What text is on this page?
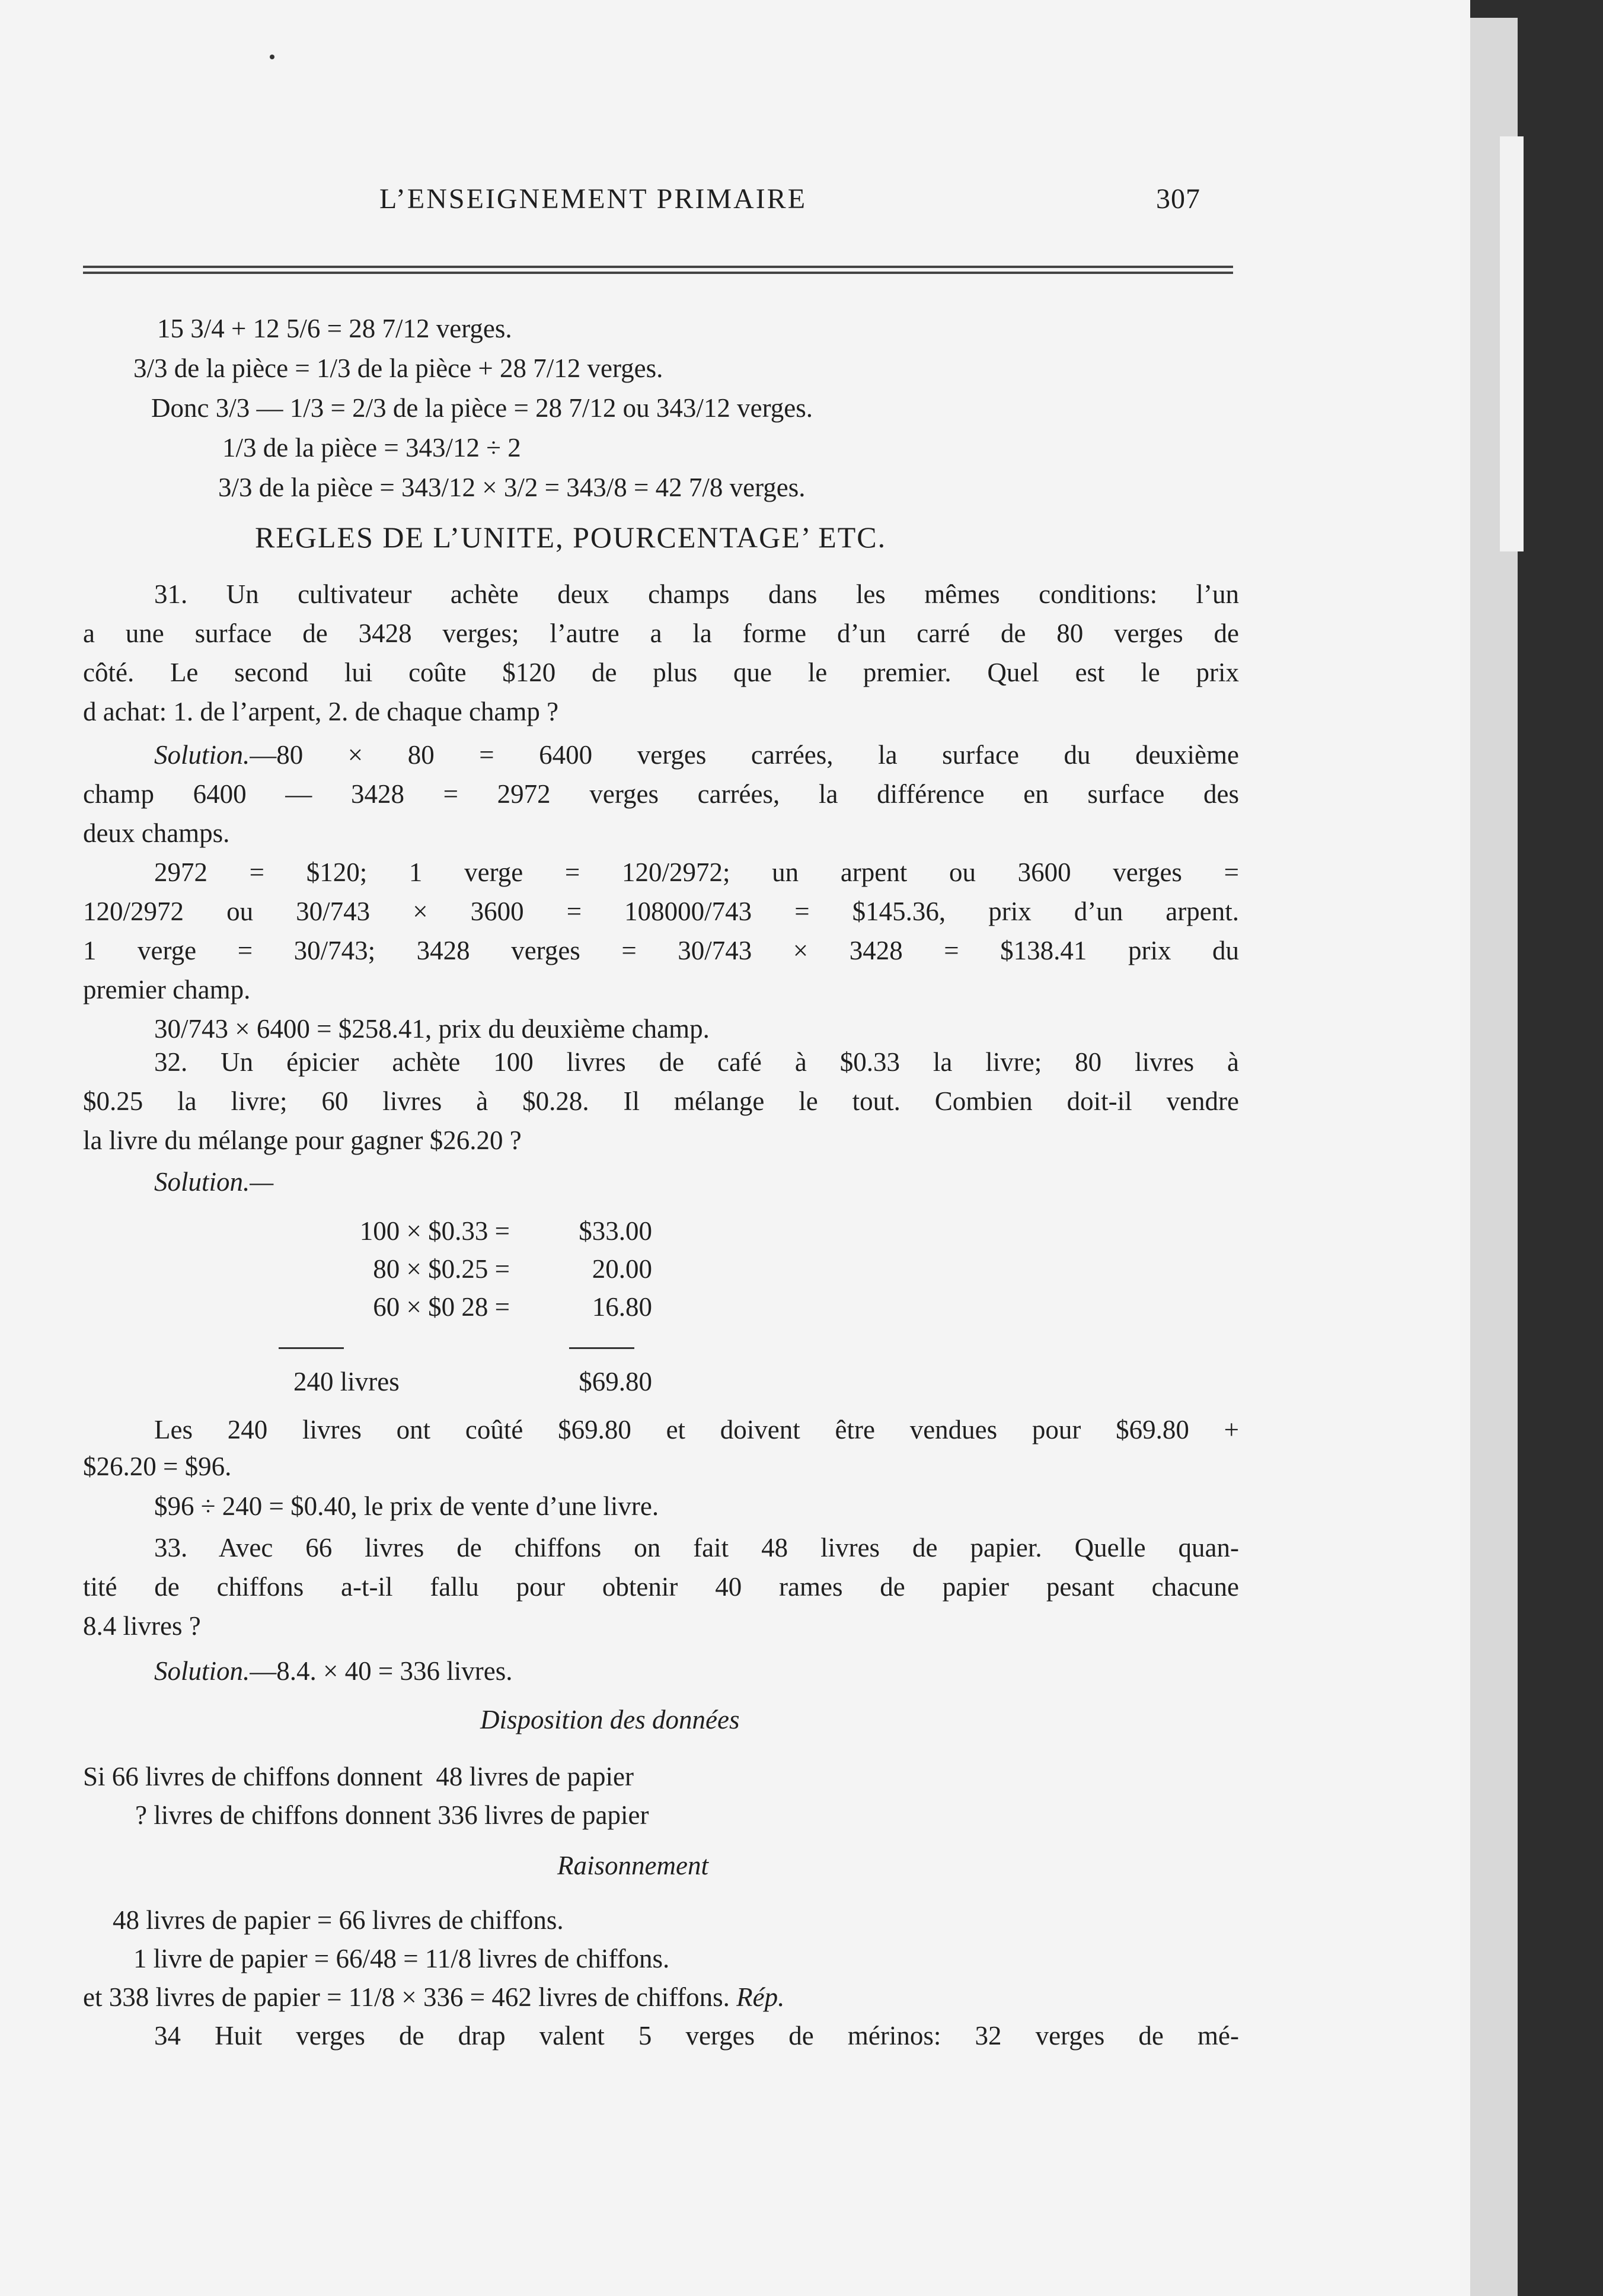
L’ENSEIGNEMENT PRIMAIRE	307
15 3/4 + 12 5/6 = 28 7/12 verges.
3/3 de la pièce = 1/3 de la pièce + 28 7/12 verges.
Donc 3/3 — 1/3 = 2/3 de la pièce = 28 7/12 ou 343/12 verges.
1/3 de la pièce = 343/12 ÷ 2
3/3 de la pièce = 343/12 × 3/2 = 343/8 = 42 7/8 verges.
REGLES DE L’UNITE, POURCENTAGE’ ETC.
31. Un cultivateur achète deux champs dans les mêmes conditions: l’un
a une surface de 3428 verges; l’autre a la forme d’un carré de 80 verges de
côté. Le second lui coûte $120 de plus que le premier. Quel est le prix
d achat: 1. de l’arpent, 2. de chaque champ ?
Solution.—80 × 80 = 6400 verges carrées, la surface du deuxième
champ 6400 — 3428 = 2972 verges carrées, la différence en surface des
deux champs.
2972 = $120; 1 verge = 120/2972; un arpent ou 3600 verges =
120/2972 ou 30/743 × 3600 = 108000/743 = $145.36, prix d’un arpent.
1 verge = 30/743; 3428 verges = 30/743 × 3428 = $138.41 prix du
premier champ.
30/743 × 6400 = $258.41, prix du deuxième champ.
32. Un épicier achète 100 livres de café à $0.33 la livre; 80 livres à
$0.25 la livre; 60 livres à $0.28. Il mélange le tout. Combien doit-il vendre
la livre du mélange pour gagner $26.20 ?
Solution.—
100 × $0.33 =	$33.00
80 × $0.25 =	20.00
60 × $0 28 =	16.80
240 livres	$69.80
Les 240 livres ont coûté $69.80 et doivent être vendues pour $69.80 +
$26.20 = $96.
$96 ÷ 240 = $0.40, le prix de vente d’une livre.
33. Avec 66 livres de chiffons on fait 48 livres de papier. Quelle quan-
tité de chiffons a-t-il fallu pour obtenir 40 rames de papier pesant chacune
8.4 livres ?
Solution.—8.4. × 40 = 336 livres.
Disposition des données
Si 66 livres de chiffons donnent  48 livres de papier
? livres de chiffons donnent 336 livres de papier
Raisonnement
48 livres de papier = 66 livres de chiffons.
1 livre de papier = 66/48 = 11/8 livres de chiffons.
et 338 livres de papier = 11/8 × 336 = 462 livres de chiffons. Rép.
34 Huit verges de drap valent 5 verges de mérinos: 32 verges de mé-
